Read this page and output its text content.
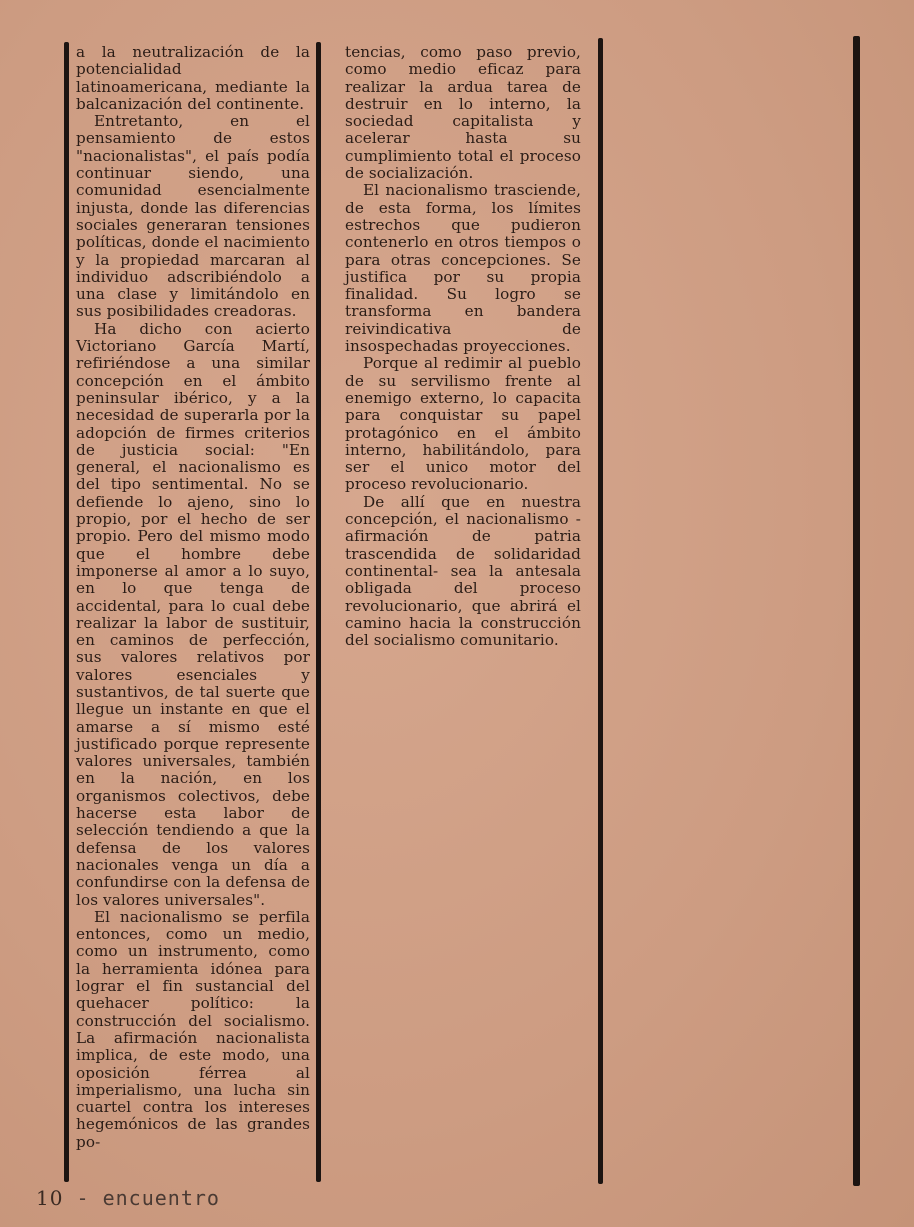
a la neutralización de la potencialidad latinoamericana, mediante la balcanización del continente.

Entretanto, en el pensamiento de estos "nacionalistas", el país podía continuar siendo, una comunidad esencialmente injusta, donde las diferencias sociales generaran tensiones políticas, donde el nacimiento y la propiedad marcaran al individuo adscribiéndolo a una clase y limitándolo en sus posibilidades creadoras.

Ha dicho con acierto Victoriano García Martí, refiriéndose a una similar concepción en el ámbito peninsular ibérico, y a la necesidad de superarla por la adopción de firmes criterios de justicia social: "En general, el nacionalismo es del tipo sentimental. No se defiende lo ajeno, sino lo propio, por el hecho de ser propio. Pero del mismo modo que el hombre debe imponerse al amor a lo suyo, en lo que tenga de accidental, para lo cual debe realizar la labor de sustituir, en caminos de perfección, sus valores relativos por valores esenciales y sustantivos, de tal suerte que llegue un instante en que el amarse a sí mismo esté justificado porque represente valores universales, también en la nación, en los organismos colectivos, debe hacerse esta labor de selección tendiendo a que la defensa de los valores nacionales venga un día a confundirse con la defensa de los valores universales".

El nacionalismo se perfila entonces, como un medio, como un instrumento, como la herramienta idónea para lograr el fin sustancial del quehacer político: la construcción del socialismo. La afirmación nacionalista implica, de este modo, una oposición férrea al imperialismo, una lucha sin cuartel contra los intereses hegemónicos de las grandes po-

tencias, como paso previo, como medio eficaz para realizar la ardua tarea de destruir en lo interno, la sociedad capitalista y acelerar hasta su cumplimiento total el proceso de socialización.

El nacionalismo trasciende, de esta forma, los límites estrechos que pudieron contenerlo en otros tiempos o para otras concepciones. Se justifica por su propia finalidad. Su logro se transforma en bandera reivindicativa de insospechadas proyecciones.

Porque al redimir al pueblo de su servilismo frente al enemigo externo, lo capacita para conquistar su papel protagónico en el ámbito interno, habilitándolo, para ser el unico motor del proceso revolucionario.

De allí que en nuestra concepción, el nacionalismo -afirmación de patria trascendida de solidaridad continental- sea la antesala obligada del proceso revolucionario, que abrirá el camino hacia la construcción del socialismo comunitario.

10 - encuentro
